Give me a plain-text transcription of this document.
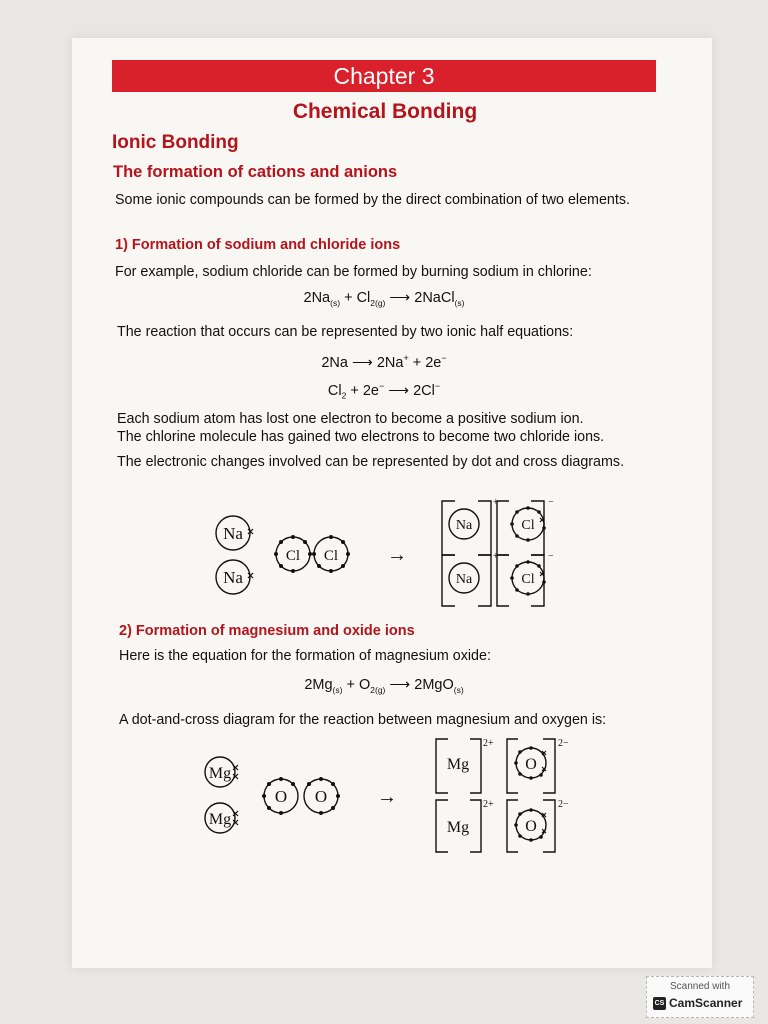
Chapter 3
Chemical Bonding
Ionic Bonding
The formation of cations and anions
Some ionic compounds can be formed by the direct combination of two elements.
1) Formation of sodium and chloride ions
For example, sodium chloride can be formed by burning sodium in chlorine:
$2Na_{(s)} + Cl_{2(g)}$ ⟶ 2NaCl$_{(s)}$
The reaction that occurs can be represented by two ionic half equations:
2Na ⟶ 2Na+ + 2e−
$Cl_2 + 2e^-$ ⟶ 2Cl−
Each sodium atom has lost one electron to become a positive sodium ion.
The chlorine molecule has gained two electrons to become two chloride ions.
The electronic changes involved can be represented by dot and cross diagrams.
Na
Na
Cl Cl
Na	Cl
Na	Cl
→
+	−
+	−
2) Formation of magnesium and oxide ions
Here is the equation for the formation of magnesium oxide:
$2Mg_{(s)} + O_{2(g)}$ ⟶ 2MgO$_{(s)}$
A dot-and-cross diagram for the reaction between magnesium and oxygen is:
Mg
Mg
O O
Mg	O
Mg	O
→
2+	2−
2+	2−
Scanned with
CS CamScanner
